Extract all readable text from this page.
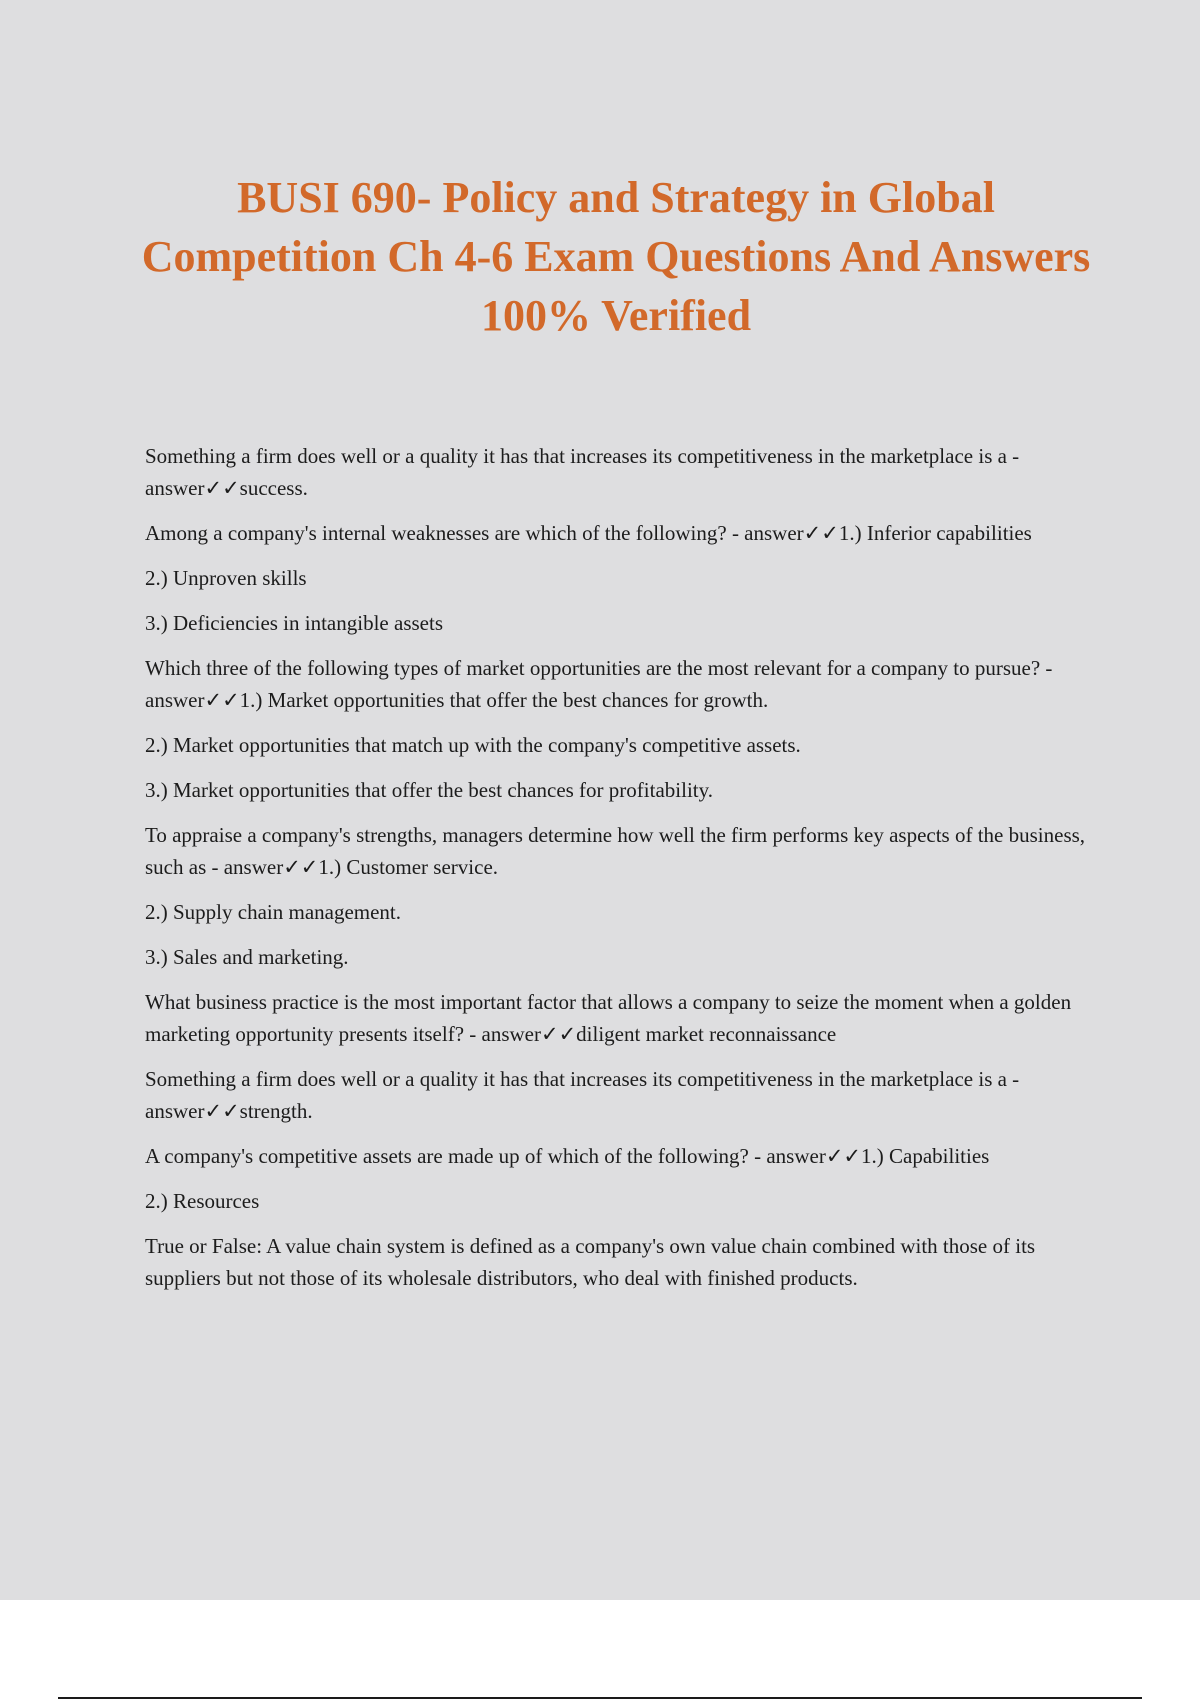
BUSI 690- Policy and Strategy in Global Competition Ch 4-6 Exam Questions And Answers 100% Verified

Something a firm does well or a quality it has that increases its competitiveness in the marketplace is a - answer✓✓success.

Among a company's internal weaknesses are which of the following? - answer✓✓1.) Inferior capabilities

2.) Unproven skills

3.) Deficiencies in intangible assets

Which three of the following types of market opportunities are the most relevant for a company to pursue? - answer✓✓1.) Market opportunities that offer the best chances for growth.

2.) Market opportunities that match up with the company's competitive assets.

3.) Market opportunities that offer the best chances for profitability.

To appraise a company's strengths, managers determine how well the firm performs key aspects of the business, such as - answer✓✓1.) Customer service.

2.) Supply chain management.

3.) Sales and marketing.

What business practice is the most important factor that allows a company to seize the moment when a golden marketing opportunity presents itself? - answer✓✓diligent market reconnaissance

Something a firm does well or a quality it has that increases its competitiveness in the marketplace is a - answer✓✓strength.

A company's competitive assets are made up of which of the following? - answer✓✓1.) Capabilities

2.) Resources

True or False: A value chain system is defined as a company's own value chain combined with those of its suppliers but not those of its wholesale distributors, who deal with finished products.
